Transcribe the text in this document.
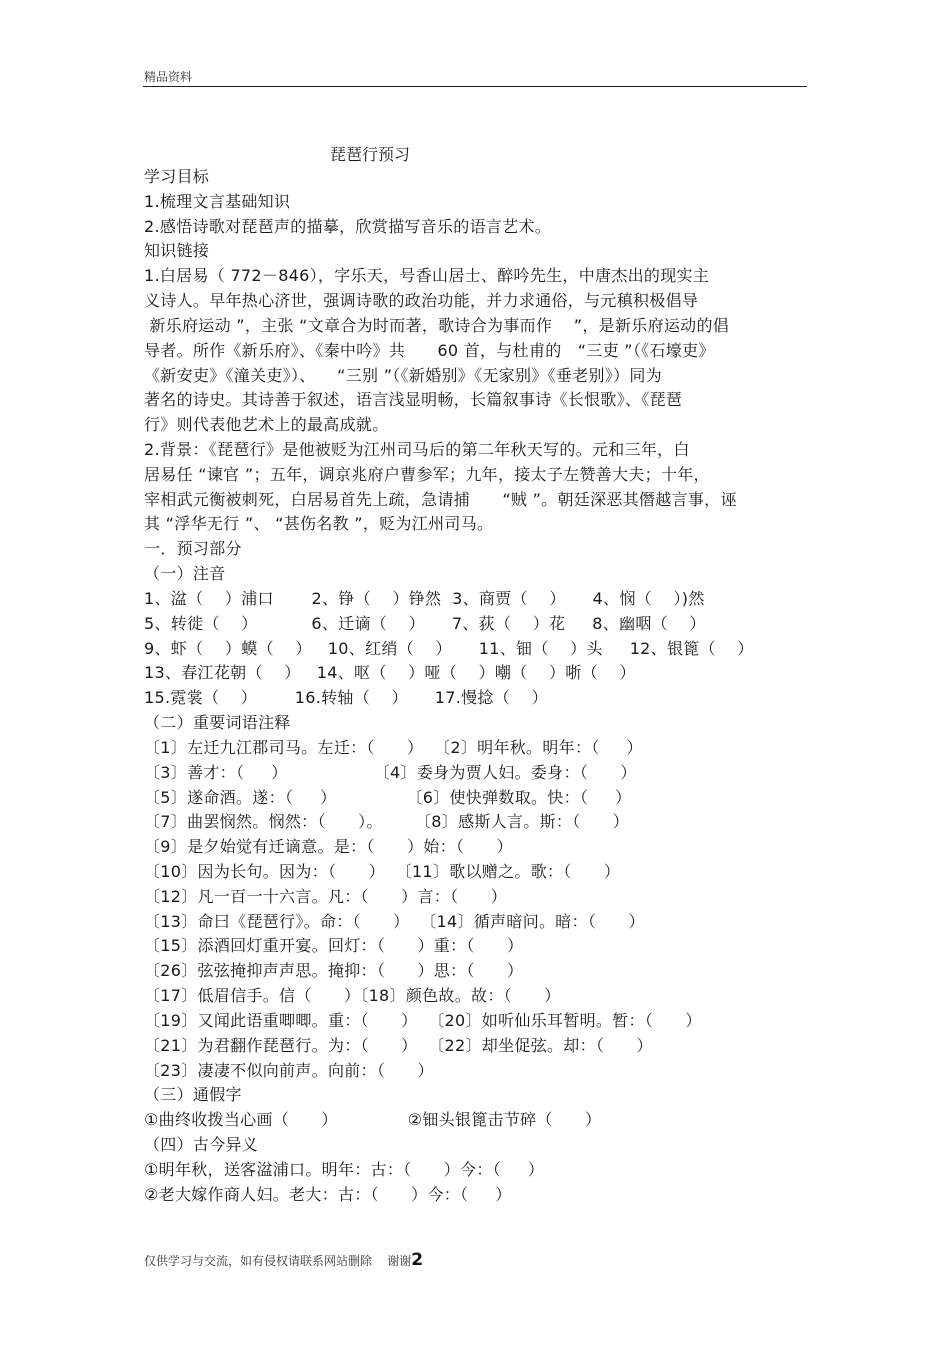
精品资料
琵琶行预习
学习目标
1.梳理文言基础知识
2.感悟诗歌对琵琶声的描摹，欣赏描写音乐的语言艺术。
知识链接
1.白居易（ 772－846），字乐天，号香山居士、醉吟先生，中唐杰出的现实主
义诗人。早年热心济世，强调诗歌的政治功能，并力求通俗，与元稹积极倡导
新乐府运动 ”，主张 “文章合为时而著，歌诗合为事而作    ”，是新乐府运动的倡
导者。所作《新乐府》、《秦中吟》共      60 首，与杜甫的   “三吏 ”（《石壕吏》
《新安吏》《潼关吏》）、    “三别 ”（《新婚别》《无家别》《垂老别》）同为
著名的诗史。其诗善于叙述，语言浅显明畅，长篇叙事诗《长恨歌》、《琵琶
行》则代表他艺术上的最高成就。
2.背景：《琵琶行》是他被贬为江州司马后的第二年秋天写的。元和三年，白
居易任 “谏官 ”；五年，调京兆府户曹参军；九年，接太子左赞善大夫；十年，
宰相武元衡被刺死，白居易首先上疏，急请捕      “贼 ”。朝廷深恶其僭越言事，诬
其 “浮华无行 ”、 “甚伤名教 ”，贬为江州司马。
一．预习部分
（一）注音
1、湓（    ）浦口       2、铮（    ）铮然  3、商贾（    ）     4、悯（    ）)然
5、转徙（    ）          6、迁谪（    ）     7、荻（    ）花     8、幽咽（    ）
9、虾（    ）蟆（    ）   10、红绡（    ）     11、钿（    ）头     12、银篦（    ）
13、春江花朝（    ）   14、呕（    ）哑（    ）嘲（    ）哳（    ）
15.霓裳（    ）       16.转轴（    ）     17.慢捻（    ）
（二）重要词语注释
〔1〕左迁九江郡司马。左迁：（      ）  〔2〕明年秋。明年：（     ）
〔3〕善才：（     ）                〔4〕委身为贾人妇。委身：（      ）
〔5〕遂命酒。遂：（     ）             〔6〕使快弹数取。快：（     ）
〔7〕曲罢悯然。悯然：（      ）。      〔8〕感斯人言。斯：（      ）
〔9〕是夕始觉有迁谪意。是：（      ）始：（      ）
〔10〕因为长句。因为：（      ）  〔11〕歌以赠之。歌：（      ）
〔12〕凡一百一十六言。凡：（      ）言：（      ）
〔13〕命曰《琵琶行》。命：（      ）  〔14〕循声暗问。暗：（      ）
〔15〕添酒回灯重开宴。回灯：（      ）重：（      ）
〔26〕弦弦掩抑声声思。掩抑：（      ）思：（      ）
〔17〕低眉信手。信（      ）〔18〕颜色故。故：（      ）
〔19〕又闻此语重唧唧。重：（      ）  〔20〕如听仙乐耳暂明。暂：（      ）
〔21〕为君翻作琵琶行。为：（      ）  〔22〕却坐促弦。却：（      ）
〔23〕凄凄不似向前声。向前：（      ）
（三）通假字
①曲终收拨当心画（      ）             ②钿头银篦击节碎（      ）
（四）古今异义
①明年秋，送客湓浦口。明年：古：（      ）今：（     ）
②老大嫁作商人妇。老大：古：（      ）今：（     ）
仅供学习与交流，如有侵权请联系网站删除    谢谢2
